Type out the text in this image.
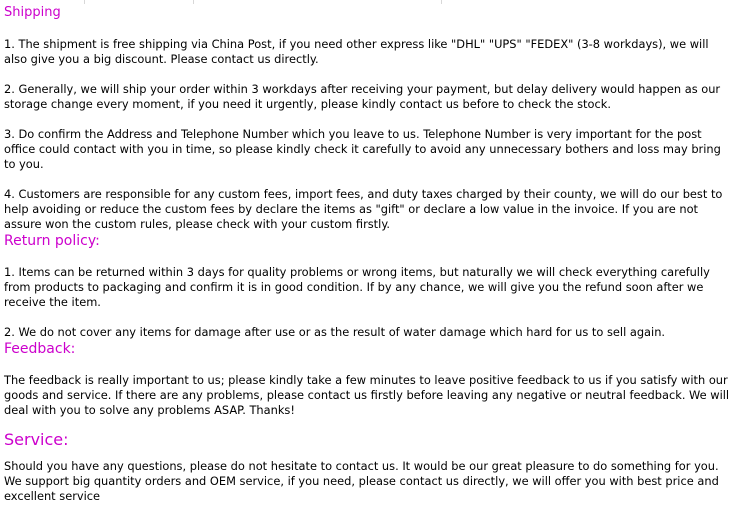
Shipping

1. The shipment is free shipping via China Post, if you need other express like "DHL" "UPS" "FEDEX" (3-8 workdays), we will also give you a big discount. Please contact us directly.

2. Generally, we will ship your order within 3 workdays after receiving your payment, but delay delivery would happen as our storage change every moment, if you need it urgently, please kindly contact us before to check the stock.

3. Do confirm the Address and Telephone Number which you leave to us. Telephone Number is very important for the post office could contact with you in time, so please kindly check it carefully to avoid any unnecessary bothers and loss may bring to you.

4. Customers are responsible for any custom fees, import fees, and duty taxes charged by their county, we will do our best to help avoiding or reduce the custom fees by declare the items as "gift" or declare a low value in the invoice. If you are not assure won the custom rules, please check with your custom firstly.

Return policy:

1. Items can be returned within 3 days for quality problems or wrong items, but naturally we will check everything carefully from products to packaging and confirm it is in good condition. If by any chance, we will give you the refund soon after we receive the item.

2. We do not cover any items for damage after use or as the result of water damage which hard for us to sell again.

Feedback:

The feedback is really important to us; please kindly take a few minutes to leave positive feedback to us if you satisfy with our goods and service. If there are any problems, please contact us firstly before leaving any negative or neutral feedback. We will deal with you to solve any problems ASAP. Thanks!

Service:

Should you have any questions, please do not hesitate to contact us. It would be our great pleasure to do something for you. We support big quantity orders and OEM service, if you need, please contact us directly, we will offer you with best price and excellent service
